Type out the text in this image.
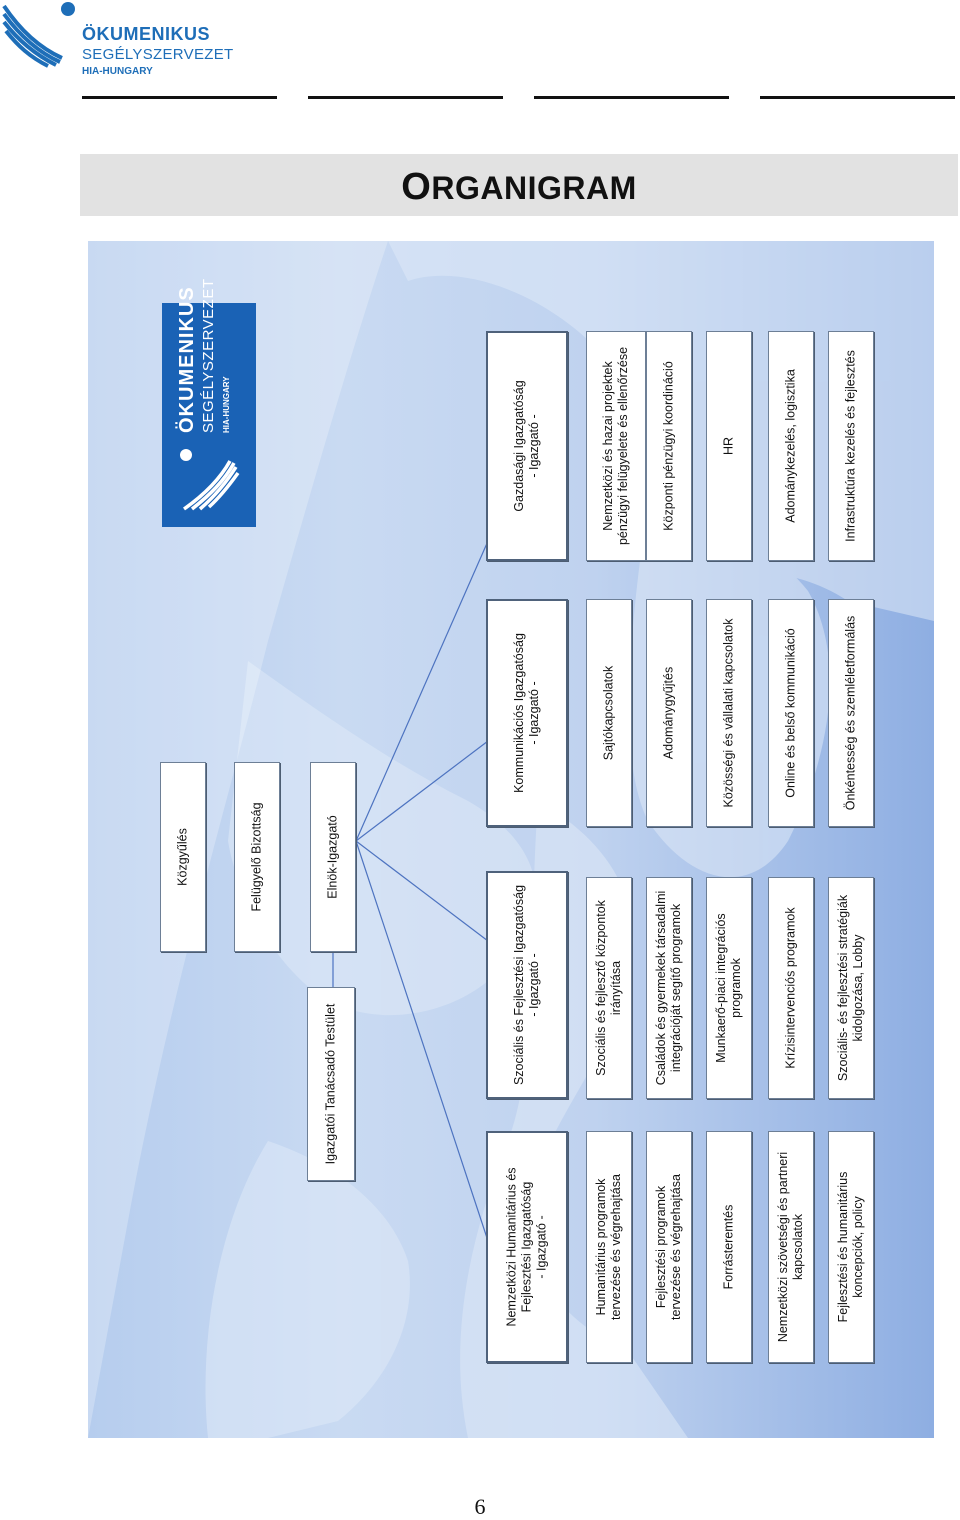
ÖKUMENIKUS
SEGÉLYSZERVEZET
HIA-HUNGARY
ORGANIGRAM
ÖKUMENIKUS SEGÉLYSZERVEZET HIA-HUNGARY
Közgyűlés	Felügyelő Bizottság	Elnök-Igazgató
Igazgatói Tanácsadó Testület
Gazdasági Igazgatóság - Igazgató -	Nemzetközi és hazai projektek pénzügyi felügyelete és ellenőrzése	Központi pénzügyi koordináció	HR	Adománykezelés, logisztika	Infrastruktúra kezelés és fejlesztés
Kommunikációs Igazgatóság - Igazgató -	Sajtókapcsolatok	Adománygyűjtés	Közösségi és vállalati kapcsolatok	Online és belső kommunikáció	Önkéntesség és szemléletformálás
Szociális és Fejlesztési Igazgatóság - Igazgató -	Szociális és fejlesztő központok irányítása Családok és gyermekek társadalmi integrációját segítő programok Munkaerő-piaci integrációs programok	Krízisintervenciós programok	Szociális- és fejlesztési stratégiák kidolgozása, Lobby
Nemzetközi Humanitárius és Fejlesztési Igazgatóság - Igazgató -	Humanitárius programok tervezése és végrehajtása Fejlesztési programok tervezése és végrehajtása	Forrásteremtés	Nemzetközi szövetségi és partneri kapcsolatok Fejlesztési és humanitárius koncepciók, policy
6
